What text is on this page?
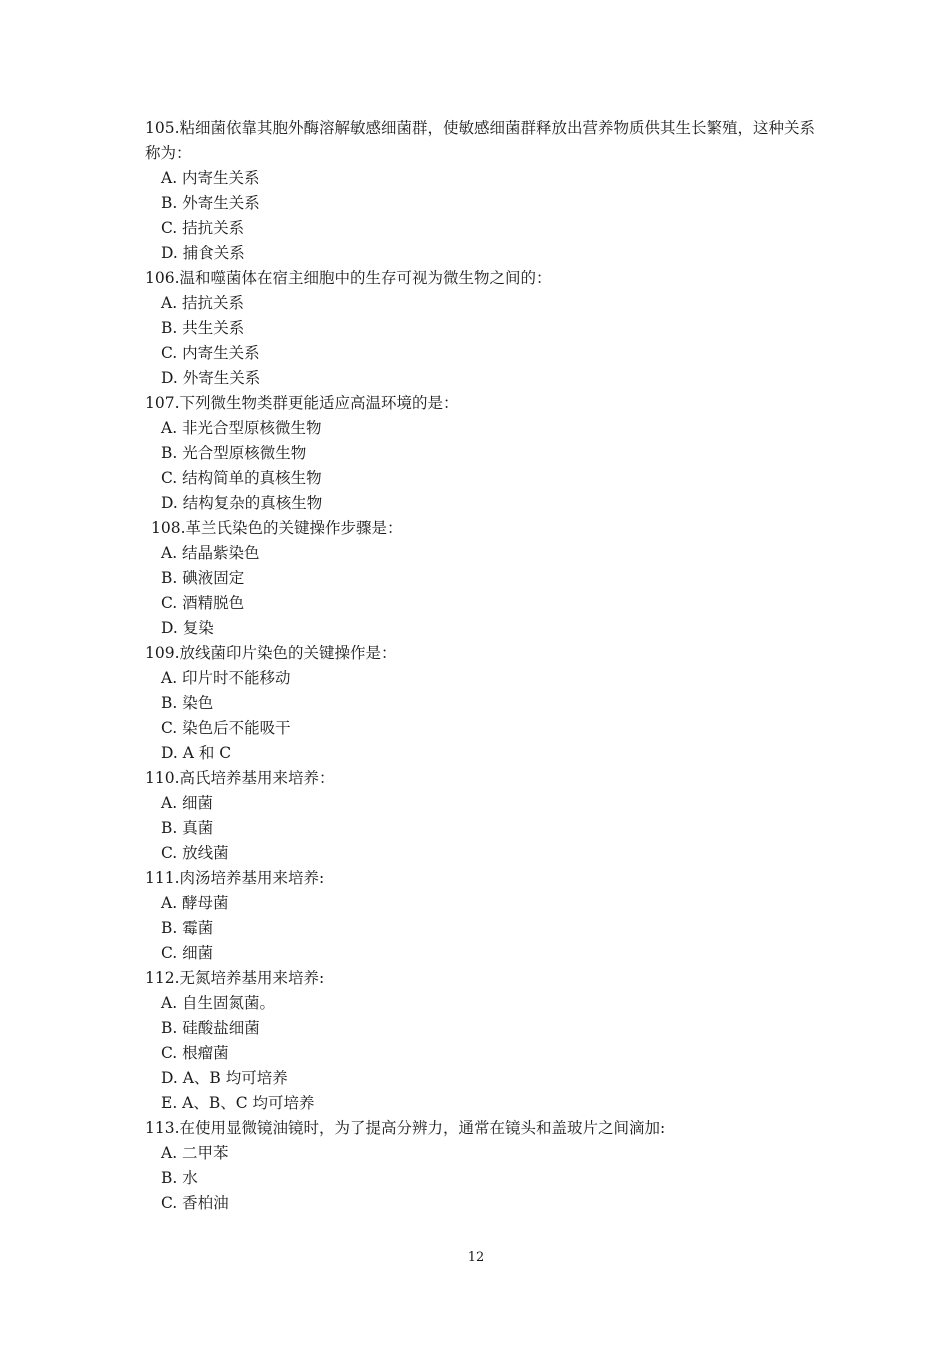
105.粘细菌依靠其胞外酶溶解敏感细菌群，使敏感细菌群释放出营养物质供其生长繁殖，这种关系称为：
A. 内寄生关系
B. 外寄生关系
C. 拮抗关系
D. 捕食关系
106.温和噬菌体在宿主细胞中的生存可视为微生物之间的：
A. 拮抗关系
B. 共生关系
C. 内寄生关系
D. 外寄生关系
107.下列微生物类群更能适应高温环境的是：
A. 非光合型原核微生物
B. 光合型原核微生物
C. 结构简单的真核生物
D. 结构复杂的真核生物
108.革兰氏染色的关键操作步骤是：
A. 结晶紫染色
B. 碘液固定
C. 酒精脱色
D. 复染
109.放线菌印片染色的关键操作是：
A. 印片时不能移动
B. 染色
C. 染色后不能吸干
D. A 和 C
110.高氏培养基用来培养：
A. 细菌
B. 真菌
C. 放线菌
111.肉汤培养基用来培养:
A. 酵母菌
B. 霉菌
C. 细菌
112.无氮培养基用来培养:
A. 自生固氮菌。
B. 硅酸盐细菌
C. 根瘤菌
D. A、B 均可培养
E. A、B、C 均可培养
113.在使用显微镜油镜时，为了提高分辨力，通常在镜头和盖玻片之间滴加:
A. 二甲苯
B. 水
C. 香柏油
12
